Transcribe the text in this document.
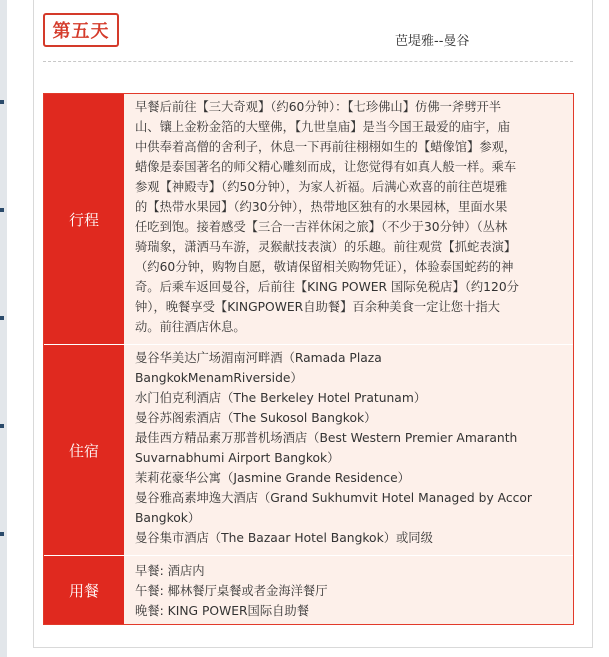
第五天	芭堤雅--曼谷
行程
早餐后前往【三大奇观】（约60分钟）：【七珍佛山】仿佛一斧劈开半
山、镶上金粉金箔的大壁佛，【九世皇庙】是当今国王最爱的庙宇，庙
中供奉着高僧的舍利子，休息一下再前往栩栩如生的【蜡像馆】参观，
蜡像是泰国著名的师父精心雕刻而成，让您觉得有如真人般一样。乘车
参观【神殿寺】（约50分钟），为家人祈福。后满心欢喜的前往芭堤雅
的【热带水果园】（约30分钟），热带地区独有的水果园林，里面水果
任吃到饱。接着感受【三合一吉祥休闲之旅】（不少于30分钟）（丛林
骑瑞象，潇洒马车游，灵猴献技表演）的乐趣。前往观赏【抓蛇表演】
（约60分钟，购物自愿，敬请保留相关购物凭证），体验泰国蛇药的神
奇。后乘车返回曼谷，后前往【KING POWER 国际免税店】（约120分
钟），晚餐享受【KINGPOWER自助餐】百余种美食一定让您十指大
动。前往酒店休息。
住宿
曼谷华美达广场湄南河畔酒（Ramada Plaza
BangkokMenamRiverside）
水门伯克利酒店（The Berkeley Hotel Pratunam）
曼谷苏阁索酒店（The Sukosol Bangkok）
最佳西方精品素万那普机场酒店（Best Western Premier Amaranth
Suvarnabhumi Airport Bangkok）
茉莉花豪华公寓（Jasmine Grande Residence）
曼谷雅高素坤逸大酒店（Grand Sukhumvit Hotel Managed by Accor
Bangkok）
曼谷集市酒店（The Bazaar Hotel Bangkok）或同级
用餐
早餐: 酒店内
午餐: 椰林餐厅桌餐或者金海洋餐厅
晚餐: KING POWER国际自助餐
